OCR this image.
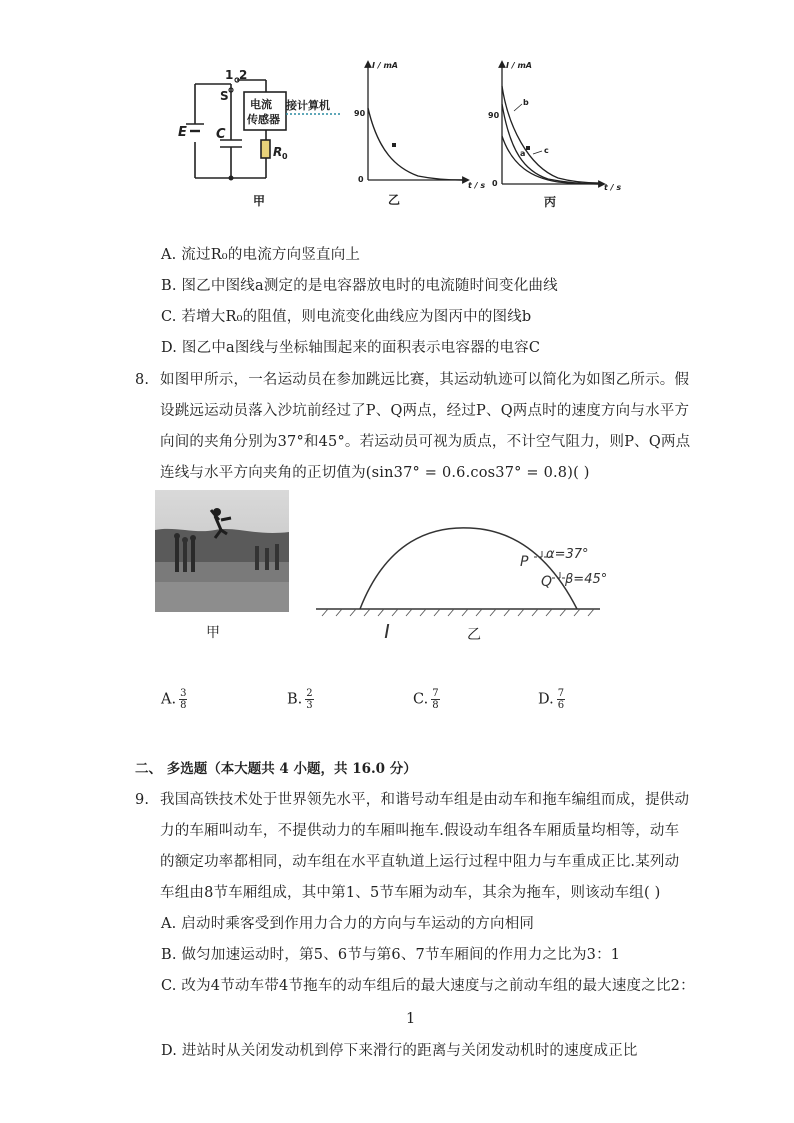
1 2
S
E C
R 0
电流
传感器
接计算机
甲
I / mA
t / s
90
0
乙
I / mA
t / s
90
0
a
b
c
丙
A. 流过R₀的电流方向竖直向上
B. 图乙中图线a测定的是电容器放电时的电流随时间变化曲线
C. 若增大R₀的阻值，则电流变化曲线应为图丙中的图线b
D. 图乙中a图线与坐标轴围起来的面积表示电容器的电容C
8. 如图甲所示，一名运动员在参加跳远比赛，其运动轨迹可以简化为如图乙所示。假
设跳远运动员落入沙坑前经过了P、Q两点，经过P、Q两点时的速度方向与水平方
向间的夹角分别为37°和45°。若运动员可视为质点，不计空气阻力，则P、Q两点
连线与水平方向夹角的正切值为(sin37° = 0.6.cos37° = 0.8)( )
甲
P
Q
α=37°
β=45°
乙
A. $\frac{3}{8}$	B. $\frac{2}{3}$	C. $\frac{7}{8}$	D. $\frac{7}{6}$
二、 多选题（本大题共 4 小题，共 16.0 分）
9. 我国高铁技术处于世界领先水平，和谐号动车组是由动车和拖车编组而成，提供动
力的车厢叫动车，不提供动力的车厢叫拖车.假设动车组各车厢质量均相等，动车
的额定功率都相同，动车组在水平直轨道上运行过程中阻力与车重成正比.某列动
车组由8节车厢组成，其中第1、5节车厢为动车，其余为拖车，则该动车组( )
A. 启动时乘客受到作用力合力的方向与车运动的方向相同
B. 做匀加速运动时，第5、6节与第6、7节车厢间的作用力之比为3：1
C. 改为4节动车带4节拖车的动车组后的最大速度与之前动车组的最大速度之比2：
1
D. 进站时从关闭发动机到停下来滑行的距离与关闭发动机时的速度成正比
